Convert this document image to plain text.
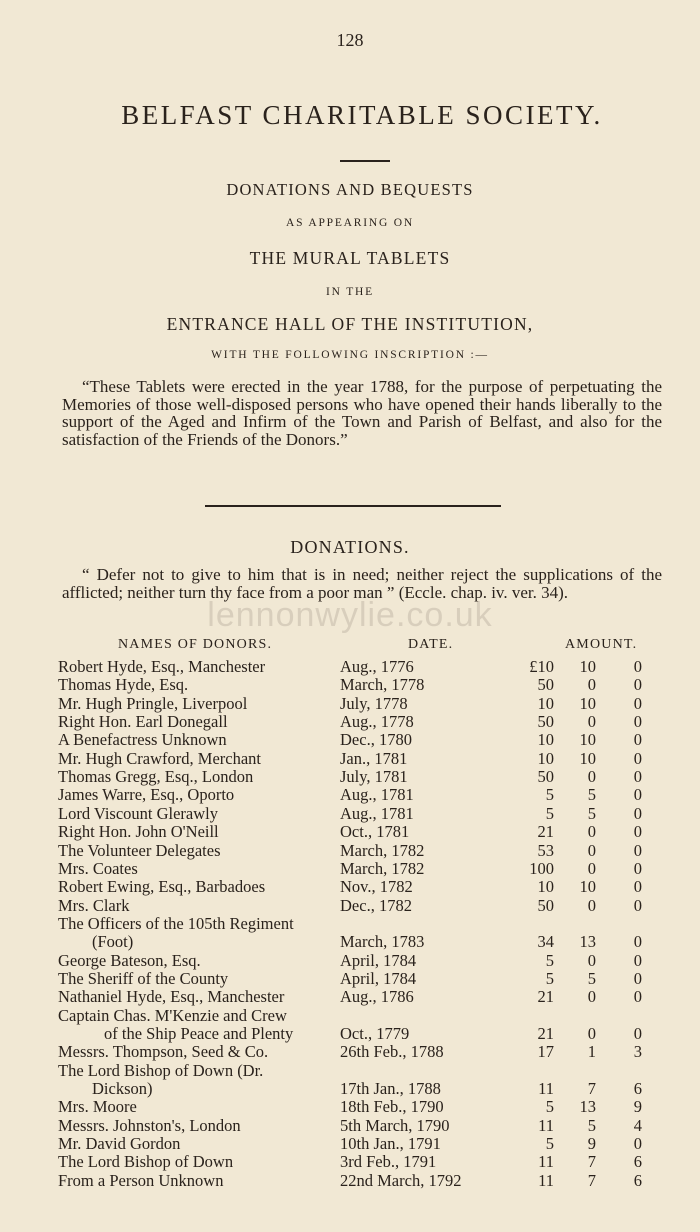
128
BELFAST CHARITABLE SOCIETY.
DONATIONS AND BEQUESTS
AS APPEARING ON
THE MURAL TABLETS
IN THE
ENTRANCE HALL OF THE INSTITUTION,
WITH THE FOLLOWING INSCRIPTION :—
“These Tablets were erected in the year 1788, for the purpose of perpetuating the Memories of those well-disposed persons who have opened their hands liberally to the support of the Aged and Infirm of the Town and Parish of Belfast, and also for the satisfaction of the Friends of the Donors.”
DONATIONS.
“ Defer not to give to him that is in need; neither reject the supplications of the afflicted; neither turn thy face from a poor man ” (Eccle. chap. iv. ver. 34).
lennonwylie.co.uk
NAMES OF DONORS.	DATE.	AMOUNT.
Robert Hyde, Esq., Manchester	Aug., 1776	£10	10	0
Thomas Hyde, Esq.	March, 1778	50	0	0
Mr. Hugh Pringle, Liverpool	July, 1778	10	10	0
Right Hon. Earl Donegall	Aug., 1778	50	0	0
A Benefactress Unknown	Dec., 1780	10	10	0
Mr. Hugh Crawford, Merchant	Jan., 1781	10	10	0
Thomas Gregg, Esq., London	July, 1781	50	0	0
James Warre, Esq., Oporto	Aug., 1781	5	5	0
Lord Viscount Glerawly	Aug., 1781	5	5	0
Right Hon. John O'Neill	Oct., 1781	21	0	0
The Volunteer Delegates	March, 1782	53	0	0
Mrs. Coates	March, 1782	100	0	0
Robert Ewing, Esq., Barbadoes	Nov., 1782	10	10	0
Mrs. Clark	Dec., 1782	50	0	0
The Officers of the 105th Regiment
(Foot)	March, 1783	34	13	0
George Bateson, Esq.	April, 1784	5	0	0
The Sheriff of the County	April, 1784	5	5	0
Nathaniel Hyde, Esq., Manchester	Aug., 1786	21	0	0
Captain Chas. M'Kenzie and Crew
of the Ship Peace and Plenty	Oct., 1779	21	0	0
Messrs. Thompson, Seed & Co.	26th Feb., 1788	17	1	3
The Lord Bishop of Down (Dr.
Dickson)	17th Jan., 1788	11	7	6
Mrs. Moore	18th Feb., 1790	5	13	9
Messrs. Johnston's, London	5th March, 1790	11	5	4
Mr. David Gordon	10th Jan., 1791	5	9	0
The Lord Bishop of Down	3rd Feb., 1791	11	7	6
From a Person Unknown	22nd March, 1792	11	7	6
